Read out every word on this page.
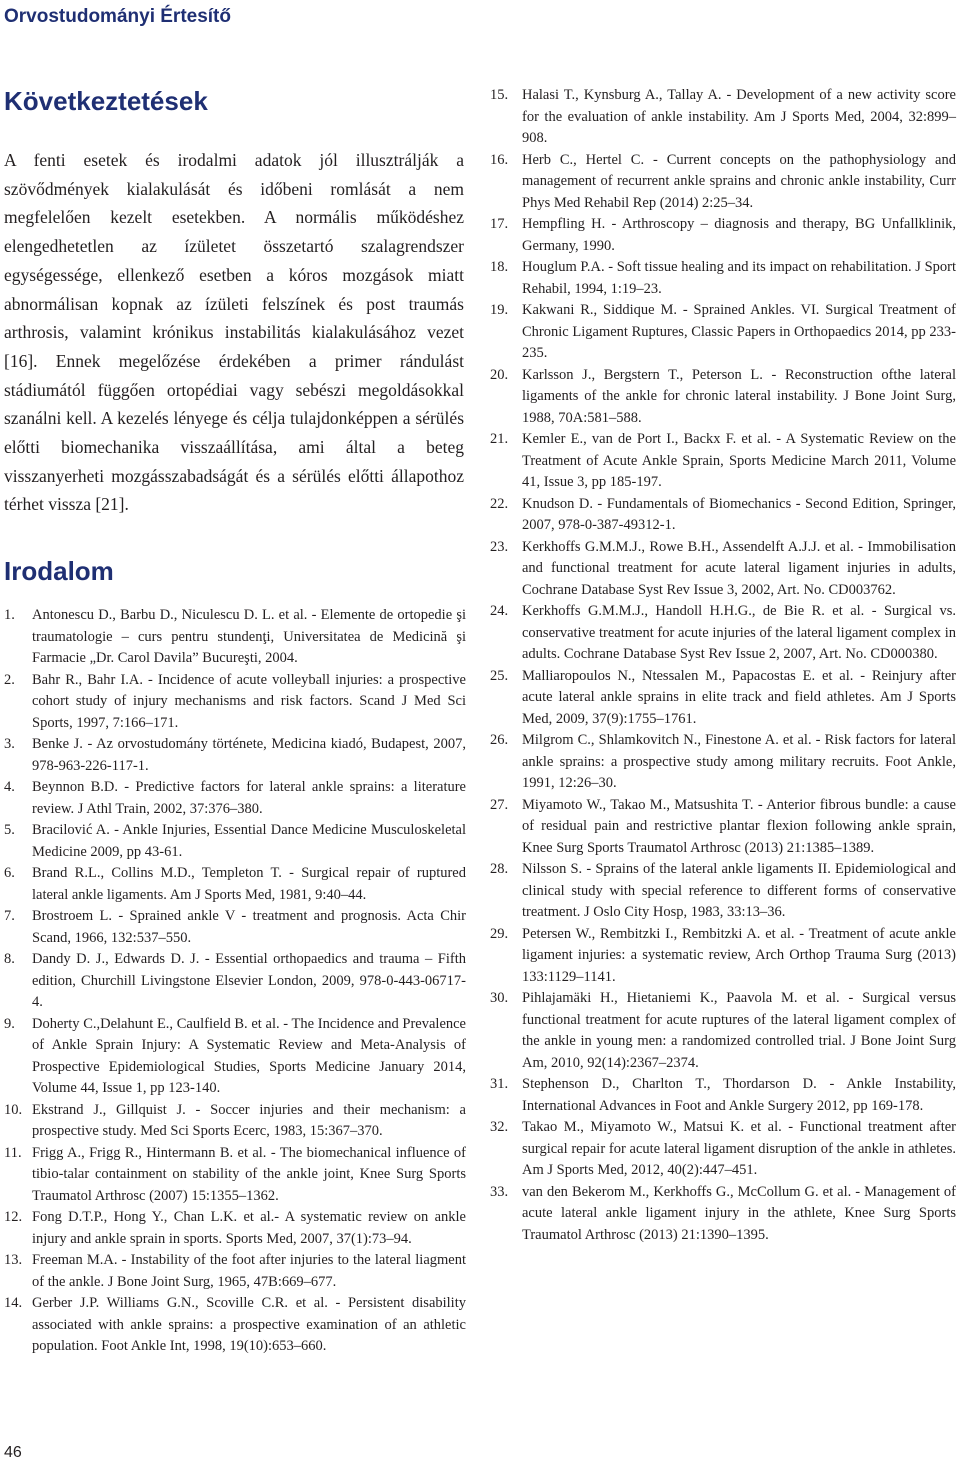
Orvostudományi Értesítő
Következtetések

A fenti esetek és irodalmi adatok jól illusztrálják a szövődmények kialakulását és időbeni romlását a nem megfelelően kezelt esetekben. A normális működéshez elengedhetetlen az ízületet összetartó szalagrendszer egységessége, ellenkező esetben a kóros mozgások miatt abnormálisan kopnak az ízületi felszínek és post traumás arthrosis, valamint krónikus instabilitás kialakulásához vezet [16]. Ennek megelőzése érdekében a primer rándulást stádiumától függően ortopédiai vagy sebészi megoldásokkal szanálni kell. A kezelés lényege és célja tulajdonképpen a sérülés előtti biomechanika visszaállítása, ami által a beteg visszanyerheti mozgásszabadságát és a sérülés előtti állapothoz térhet vissza [21].

Irodalom
1. Antonescu D., Barbu D., Niculescu D. L. et al. - Elemente de ortopedie şi traumatologie – curs pentru stundenţi, Universitatea de Medicină şi Farmacie „Dr. Carol Davila” Bucureşti, 2004.
2. Bahr R., Bahr I.A. - Incidence of acute volleyball injuries: a prospective cohort study of injury mechanisms and risk factors. Scand J Med Sci Sports, 1997, 7:166–171.
3. Benke J. - Az orvostudomány története, Medicina kiadó, Budapest, 2007, 978-963-226-117-1.
4. Beynnon B.D. - Predictive factors for lateral ankle sprains: a literature review. J Athl Train, 2002, 37:376–380.
5. Bracilović A. - Ankle Injuries, Essential Dance Medicine Musculoskeletal Medicine 2009, pp 43-61.
6. Brand R.L., Collins M.D., Templeton T. - Surgical repair of ruptured lateral ankle ligaments. Am J Sports Med, 1981, 9:40–44.
7. Brostroem L. - Sprained ankle V - treatment and prognosis. Acta Chir Scand, 1966, 132:537–550.
8. Dandy D. J., Edwards D. J. - Essential orthopaedics and trauma – Fifth edition, Churchill Livingstone Elsevier London, 2009, 978-0-443-06717-4.
9. Doherty C.,Delahunt E., Caulfield B. et al. - The Incidence and Prevalence of Ankle Sprain Injury: A Systematic Review and Meta-Analysis of Prospective Epidemiological Studies, Sports Medicine January 2014, Volume 44, Issue 1, pp 123-140.
10. Ekstrand J., Gillquist J. - Soccer injuries and their mechanism: a prospective study. Med Sci Sports Ecerc, 1983, 15:367–370.
11. Frigg A., Frigg R., Hintermann B. et al. - The biomechanical influence of tibio-talar containment on stability of the ankle joint, Knee Surg Sports Traumatol Arthrosc (2007) 15:1355–1362.
12. Fong D.T.P., Hong Y., Chan L.K. et al.- A systematic review on ankle injury and ankle sprain in sports. Sports Med, 2007, 37(1):73–94.
13. Freeman M.A. - Instability of the foot after injuries to the lateral liagment of the ankle. J Bone Joint Surg, 1965, 47B:669–677.
14. Gerber J.P. Williams G.N., Scoville C.R. et al. - Persistent disability associated with ankle sprains: a prospective examination of an athletic population. Foot Ankle Int, 1998, 19(10):653–660.
15. Halasi T., Kynsburg A., Tallay A. - Development of a new activity score for the evaluation of ankle instability. Am J Sports Med, 2004, 32:899–908.
16. Herb C., Hertel C. - Current concepts on the pathophysiology and management of recurrent ankle sprains and chronic ankle instability, Curr Phys Med Rehabil Rep (2014) 2:25–34.
17. Hempfling H. - Arthroscopy – diagnosis and therapy, BG Unfallklinik, Germany, 1990.
18. Houglum P.A. - Soft tissue healing and its impact on rehabilitation. J Sport Rehabil, 1994, 1:19–23.
19. Kakwani R., Siddique M. - Sprained Ankles. VI. Surgical Treatment of Chronic Ligament Ruptures, Classic Papers in Orthopaedics 2014, pp 233-235.
20. Karlsson J., Bergstern T., Peterson L. - Reconstruction ofthe lateral ligaments of the ankle for chronic lateral instability. J Bone Joint Surg, 1988, 70A:581–588.
21. Kemler E., van de Port I., Backx F. et al. - A Systematic Review on the Treatment of Acute Ankle Sprain, Sports Medicine March 2011, Volume 41, Issue 3, pp 185-197.
22. Knudson D. - Fundamentals of Biomechanics - Second Edition, Springer, 2007, 978-0-387-49312-1.
23. Kerkhoffs G.M.M.J., Rowe B.H., Assendelft A.J.J. et al. - Immobilisation and functional treatment for acute lateral ligament injuries in adults, Cochrane Database Syst Rev Issue 3, 2002, Art. No. CD003762.
24. Kerkhoffs G.M.M.J., Handoll H.H.G., de Bie R. et al. - Surgical vs. conservative treatment for acute injuries of the lateral ligament complex in adults. Cochrane Database Syst Rev Issue 2, 2007, Art. No. CD000380.
25. Malliaropoulos N., Ntessalen M., Papacostas E. et al. - Reinjury after acute lateral ankle sprains in elite track and field athletes. Am J Sports Med, 2009, 37(9):1755–1761.
26. Milgrom C., Shlamkovitch N., Finestone A. et al. - Risk factors for lateral ankle sprains: a prospective study among military recruits. Foot Ankle, 1991, 12:26–30.
27. Miyamoto W., Takao M., Matsushita T. - Anterior fibrous bundle: a cause of residual pain and restrictive plantar flexion following ankle sprain, Knee Surg Sports Traumatol Arthrosc (2013) 21:1385–1389.
28. Nilsson S. - Sprains of the lateral ankle ligaments II. Epidemiological and clinical study with special reference to different forms of conservative treatment. J Oslo City Hosp, 1983, 33:13–36.
29. Petersen W., Rembitzki I., Rembitzki A. et al. - Treatment of acute ankle ligament injuries: a systematic review, Arch Orthop Trauma Surg (2013) 133:1129–1141.
30. Pihlajamäki H., Hietaniemi K., Paavola M. et al. - Surgical versus functional treatment for acute ruptures of the lateral ligament complex of the ankle in young men: a randomized controlled trial. J Bone Joint Surg Am, 2010, 92(14):2367–2374.
31. Stephenson D., Charlton T., Thordarson D. - Ankle Instability, International Advances in Foot and Ankle Surgery 2012, pp 169-178.
32. Takao M., Miyamoto W., Matsui K. et al. - Functional treatment after surgical repair for acute lateral ligament disruption of the ankle in athletes. Am J Sports Med, 2012, 40(2):447–451.
33. van den Bekerom M., Kerkhoffs G., McCollum G. et al. - Management of acute lateral ankle ligament injury in the athlete, Knee Surg Sports Traumatol Arthrosc (2013) 21:1390–1395.
46
